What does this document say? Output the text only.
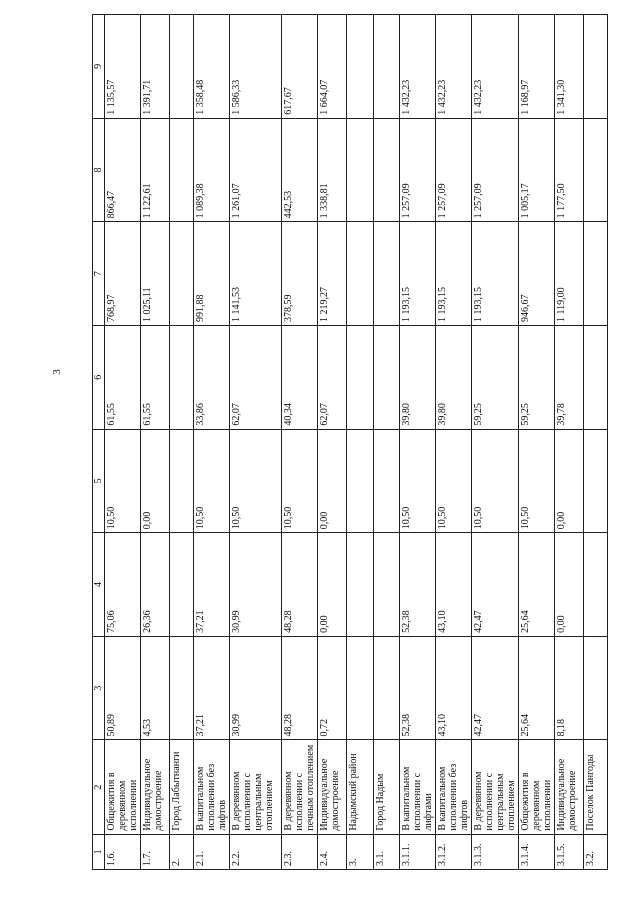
3
1	2	3	4	5	6	7	8	9
1.6.	Общежития в деревянном исполнении	50,89	75,06	10,50	61,55	768,97	866,47	1 135,57
1.7.	Индивидуальное домостроение	4,53	26,36	0,00	61,55	1 025,11	1 122,61	1 391,71
2.	Город Лабытнанги							
2.1.	В капитальном исполнении без лифтов	37,21	37,21	10,50	33,86	991,88	1 089,38	1 358,48
2.2.	В деревянном исполнении с центральным отоплением	30,99	30,99	10,50	62,07	1 141,53	1 261,07	1 586,33
2.3.	В деревянном исполнении с печным отоплением	48,28	48,28	10,50	40,34	378,59	442,53	617,67
2.4.	Индивидуальное домостроение	0,72	0,00	0,00	62,07	1 219,27	1 338,81	1 664,07
3.	Надымский район							
3.1.	Город Надым							
3.1.1.	В капитальном исполнении с лифтами	52,38	52,38	10,50	39,80	1 193,15	1 257,09	1 432,23
3.1.2.	В капитальном исполнении без лифтов	43,10	43,10	10,50	39,80	1 193,15	1 257,09	1 432,23
3.1.3.	В деревянном исполнении с центральным отоплением	42,47	42,47	10,50	59,25	1 193,15	1 257,09	1 432,23
3.1.4.	Общежития в деревянном исполнении	25,64	25,64	10,50	59,25	946,67	1 005,17	1 168,97
3.1.5.	Индивидуальное домостроение	8,18	0,00	0,00	39,78	1 119,00	1 177,50	1 341,30
3.2.	Поселок Пангоды							
·
